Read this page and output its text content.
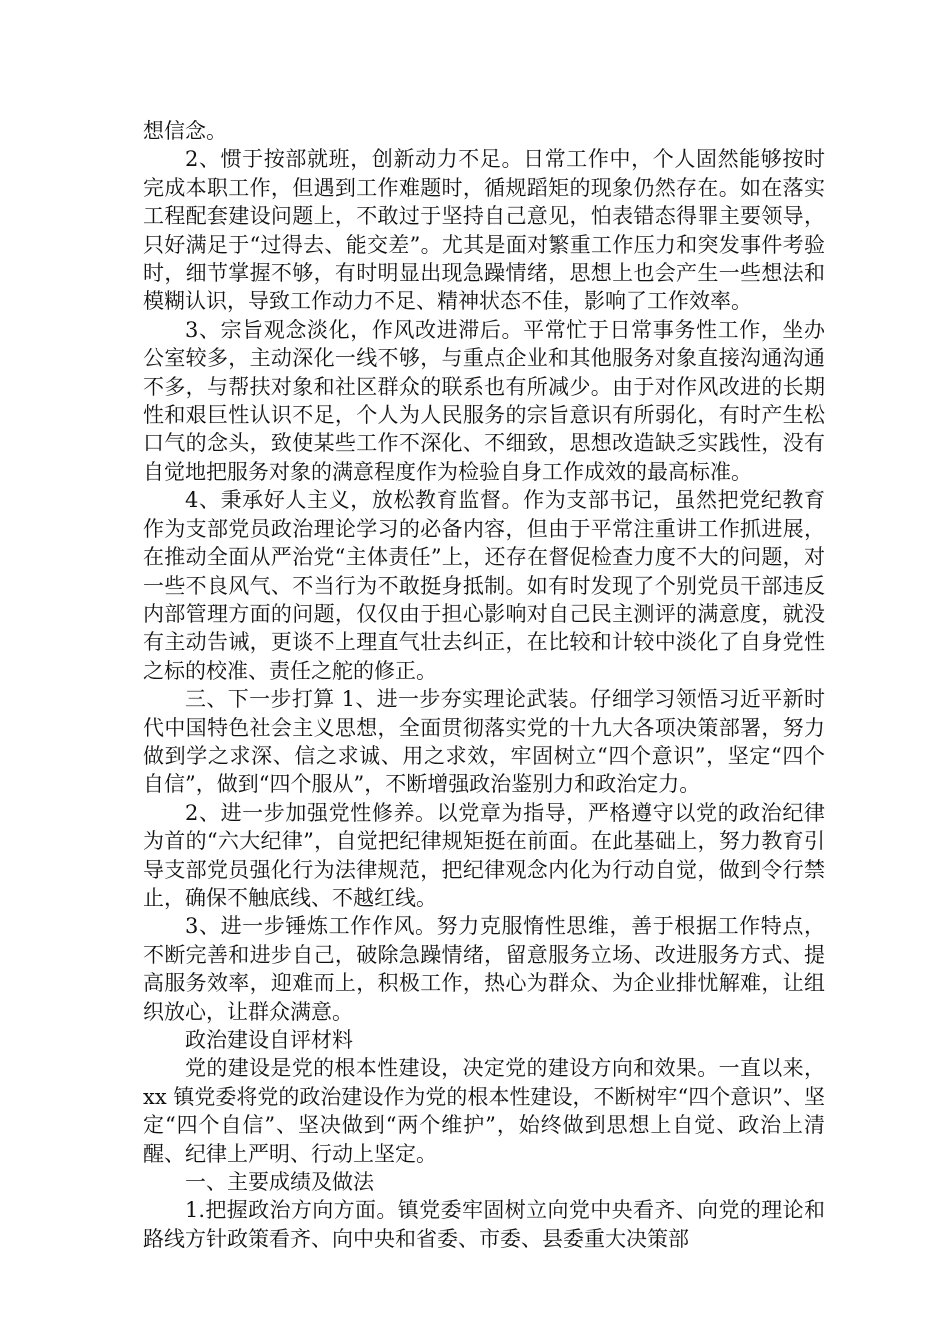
想信念。

2、惯于按部就班，创新动力不足。日常工作中，个人固然能够按时完成本职工作，但遇到工作难题时，循规蹈矩的现象仍然存在。如在落实工程配套建设问题上，不敢过于坚持自己意见，怕表错态得罪主要领导，只好满足于“过得去、能交差”。尤其是面对繁重工作压力和突发事件考验时，细节掌握不够，有时明显出现急躁情绪，思想上也会产生一些想法和模糊认识，导致工作动力不足、精神状态不佳，影响了工作效率。

3、宗旨观念淡化，作风改进滞后。平常忙于日常事务性工作，坐办公室较多，主动深化一线不够，与重点企业和其他服务对象直接沟通沟通不多，与帮扶对象和社区群众的联系也有所减少。由于对作风改进的长期性和艰巨性认识不足，个人为人民服务的宗旨意识有所弱化，有时产生松口气的念头，致使某些工作不深化、不细致，思想改造缺乏实践性，没有自觉地把服务对象的满意程度作为检验自身工作成效的最高标准。

4、秉承好人主义，放松教育监督。作为支部书记，虽然把党纪教育作为支部党员政治理论学习的必备内容，但由于平常注重讲工作抓进展，在推动全面从严治党“主体责任”上，还存在督促检查力度不大的问题，对一些不良风气、不当行为不敢挺身抵制。如有时发现了个别党员干部违反内部管理方面的问题，仅仅由于担心影响对自己民主测评的满意度，就没有主动告诫，更谈不上理直气壮去纠正，在比较和计较中淡化了自身党性之标的校准、责任之舵的修正。

三、下一步打算 1、进一步夯实理论武装。仔细学习领悟习近平新时代中国特色社会主义思想，全面贯彻落实党的十九大各项决策部署，努力做到学之求深、信之求诚、用之求效，牢固树立“四个意识”，坚定“四个自信”，做到“四个服从”，不断增强政治鉴别力和政治定力。

2、进一步加强党性修养。以党章为指导，严格遵守以党的政治纪律为首的“六大纪律”，自觉把纪律规矩挺在前面。在此基础上，努力教育引导支部党员强化行为法律规范，把纪律观念内化为行动自觉，做到令行禁止，确保不触底线、不越红线。

3、进一步锤炼工作作风。努力克服惰性思维，善于根据工作特点，不断完善和进步自己，破除急躁情绪，留意服务立场、改进服务方式、提高服务效率，迎难而上，积极工作，热心为群众、为企业排忧解难，让组织放心，让群众满意。

政治建设自评材料

党的建设是党的根本性建设，决定党的建设方向和效果。一直以来，xx 镇党委将党的政治建设作为党的根本性建设，不断树牢“四个意识”、坚定“四个自信”、坚决做到“两个维护”，始终做到思想上自觉、政治上清醒、纪律上严明、行动上坚定。

一、主要成绩及做法

1.把握政治方向方面。镇党委牢固树立向党中央看齐、向党的理论和路线方针政策看齐、向中央和省委、市委、县委重大决策部
